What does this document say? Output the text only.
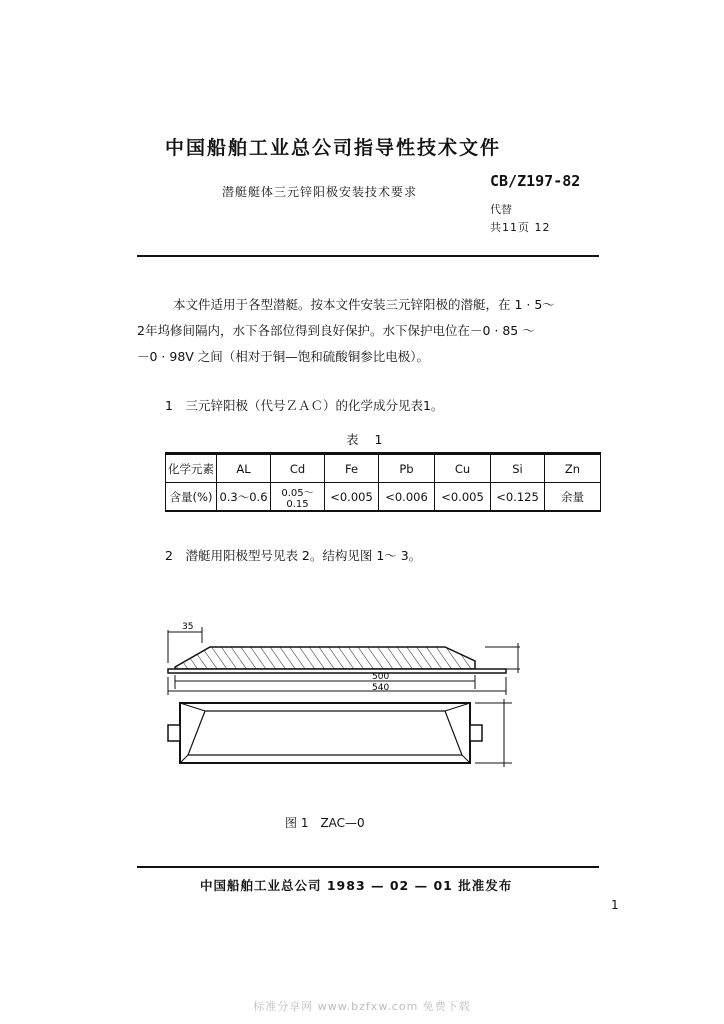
中国船舶工业总公司指导性技术文件
潜艇艇体三元锌阳极安装技术要求
CB/Z197-82
代替
共11页 12

本文件适用于各型潜艇。按本文件安装三元锌阳极的潜艇，在 1 · 5～

2年坞修间隔内，水下各部位得到良好保护。水下保护电位在－0 · 85 ～

－0 · 98V 之间（相对于铜—饱和硫酸铜参比电极）。

1　三元锌阳极（代号ＺＡＣ）的化学成分见表1。
表 1
化学元素	AL	Cd	Fe	Pb	Cu	Si	Zn
含量(%)	0.3～0.6	0.05～0.15	<0.005	<0.006	<0.005	<0.125	余量
2　潜艇用阳极型号见表 2。结构见图 1～ 3。
35
500
540
图 1　ZAC—0
中国船舶工业总公司 1983 — 02 — 01 批准发布
1
标准分享网 www.bzfxw.com 免费下载
